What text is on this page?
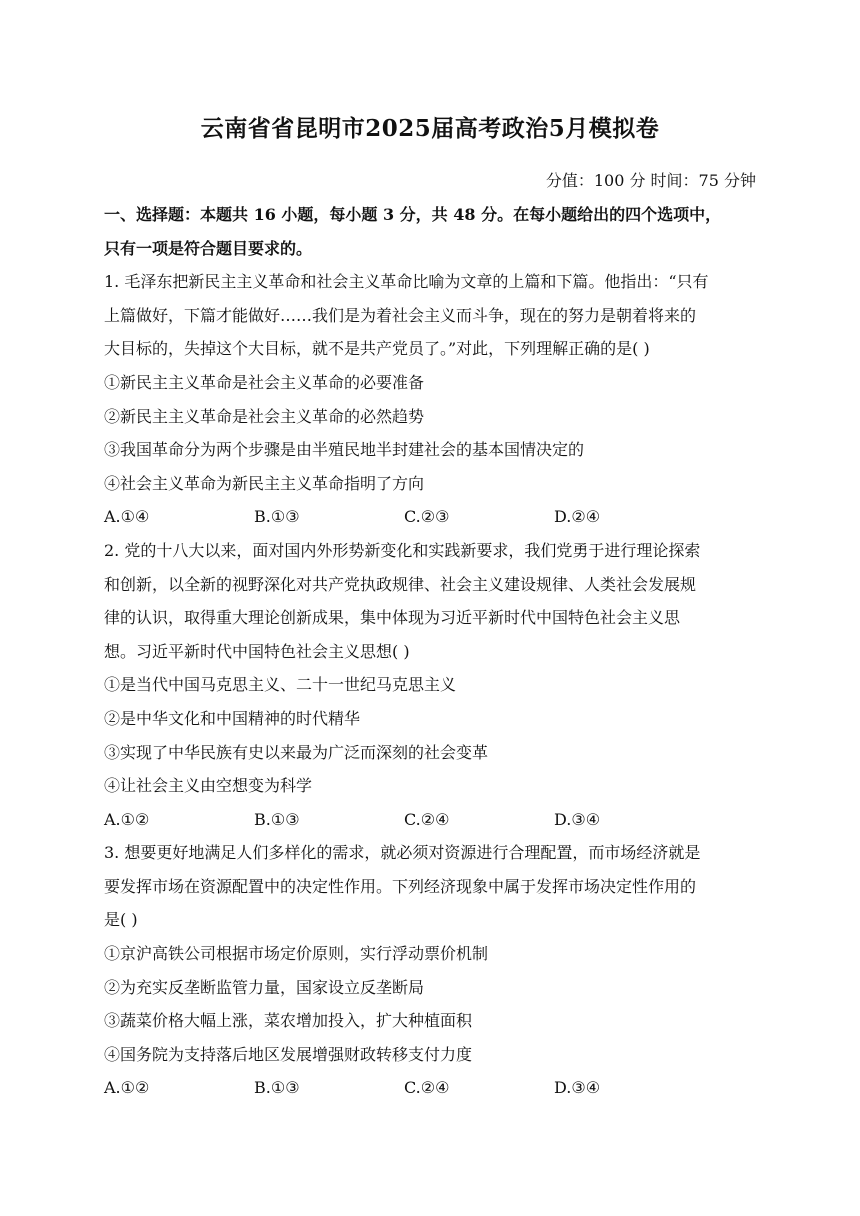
云南省省昆明市2025届高考政治5月模拟卷
分值：100 分 时间：75 分钟
一、选择题：本题共 16 小题，每小题 3 分，共 48 分。在每小题给出的四个选项中，
只有一项是符合题目要求的。
1. 毛泽东把新民主主义革命和社会主义革命比喻为文章的上篇和下篇。他指出：“只有
上篇做好，下篇才能做好……我们是为着社会主义而斗争，现在的努力是朝着将来的
大目标的，失掉这个大目标，就不是共产党员了。”对此，下列理解正确的是( )
①新民主主义革命是社会主义革命的必要准备
②新民主主义革命是社会主义革命的必然趋势
③我国革命分为两个步骤是由半殖民地半封建社会的基本国情决定的
④社会主义革命为新民主主义革命指明了方向
A.①④	B.①③	C.②③	D.②④
2. 党的十八大以来，面对国内外形势新变化和实践新要求，我们党勇于进行理论探索
和创新，以全新的视野深化对共产党执政规律、社会主义建设规律、人类社会发展规
律的认识，取得重大理论创新成果，集中体现为习近平新时代中国特色社会主义思
想。习近平新时代中国特色社会主义思想( )
①是当代中国马克思主义、二十一世纪马克思主义
②是中华文化和中国精神的时代精华
③实现了中华民族有史以来最为广泛而深刻的社会变革
④让社会主义由空想变为科学
A.①②	B.①③	C.②④	D.③④
3. 想要更好地满足人们多样化的需求，就必须对资源进行合理配置，而市场经济就是
要发挥市场在资源配置中的决定性作用。下列经济现象中属于发挥市场决定性作用的
是( )
①京沪高铁公司根据市场定价原则，实行浮动票价机制
②为充实反垄断监管力量，国家设立反垄断局
③蔬菜价格大幅上涨，菜农增加投入，扩大种植面积
④国务院为支持落后地区发展增强财政转移支付力度
A.①②	B.①③	C.②④	D.③④
